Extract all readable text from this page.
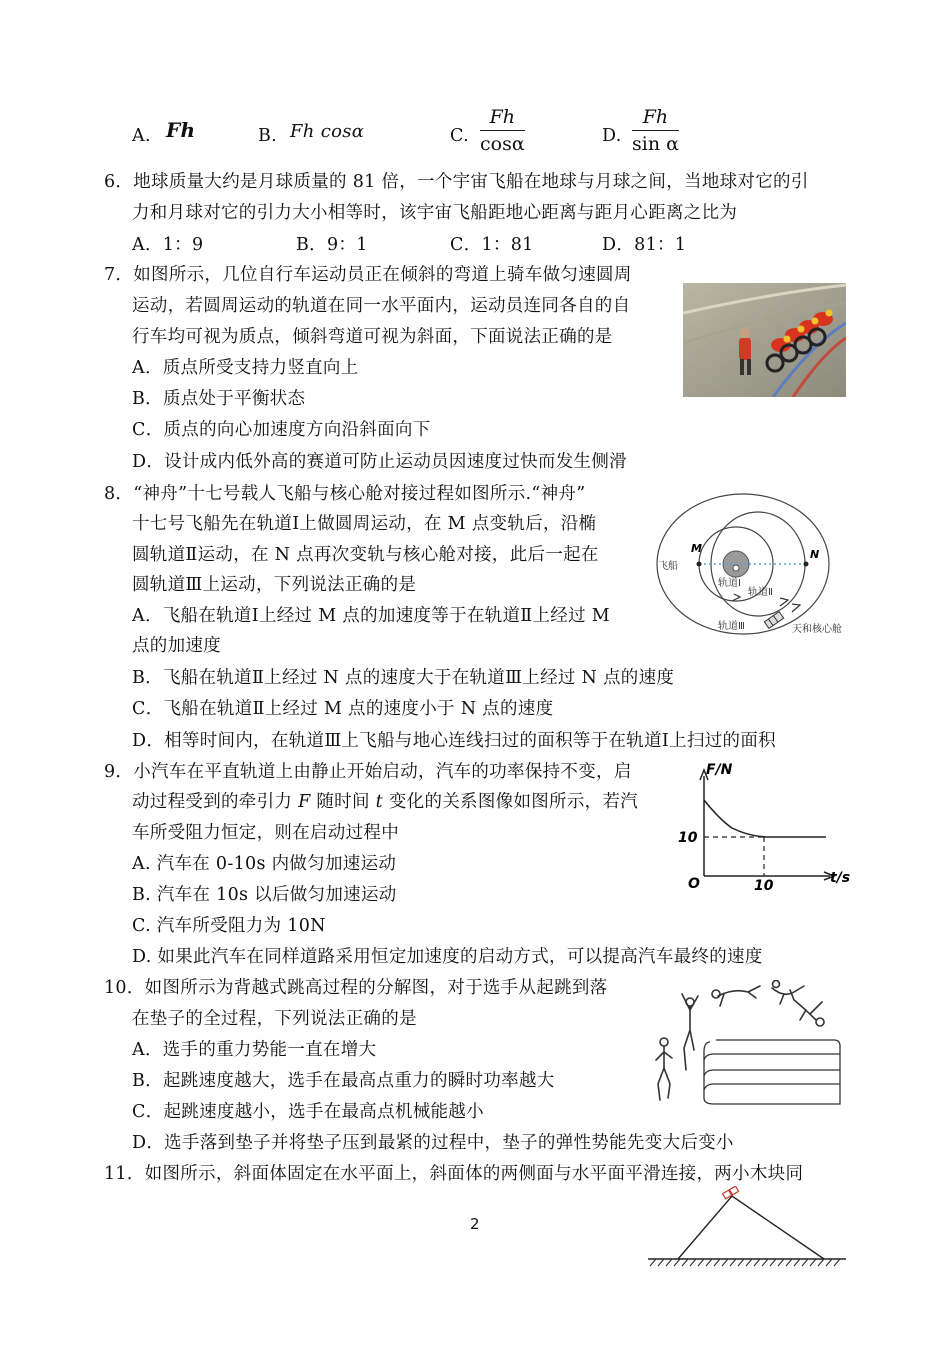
A. Fh	B. Fh cosα	C. $\frac{Fh}{\cos\alpha}$	D. $\frac{Fh}{\text{sin α}}$
6．地球质量大约是月球质量的 81 倍，一个宇宙飞船在地球与月球之间，当地球对它的引
力和月球对它的引力大小相等时，该宇宙飞船距地心距离与距月心距离之比为
A．1：9	B．9：1	C．1：81	D．81：1
7．如图所示，几位自行车运动员正在倾斜的弯道上骑车做匀速圆周
运动，若圆周运动的轨道在同一水平面内，运动员连同各自的自
行车均可视为质点，倾斜弯道可视为斜面，下面说法正确的是
A．质点所受支持力竖直向上
B．质点处于平衡状态
C．质点的向心加速度方向沿斜面向下
D．设计成内低外高的赛道可防止运动员因速度过快而发生侧滑
8．“神舟”十七号载人飞船与核心舱对接过程如图所示.“神舟”
十七号飞船先在轨道Ⅰ上做圆周运动，在 M 点变轨后，沿椭
圆轨道Ⅱ运动，在 N 点再次变轨与核心舱对接，此后一起在
圆轨道Ⅲ上运动，下列说法正确的是
A．飞船在轨道Ⅰ上经过 M 点的加速度等于在轨道Ⅱ上经过 M
点的加速度
B．飞船在轨道Ⅱ上经过 N 点的速度大于在轨道Ⅲ上经过 N 点的速度
C．飞船在轨道Ⅱ上经过 M 点的速度小于 N 点的速度
D．相等时间内，在轨道Ⅲ上飞船与地心连线扫过的面积等于在轨道Ⅰ上扫过的面积
M	N
飞船
轨道Ⅰ
轨道Ⅱ
轨道Ⅲ	天和核心舱
9．小汽车在平直轨道上由静止开始启动，汽车的功率保持不变，启
动过程受到的牵引力 F 随时间 t 变化的关系图像如图所示，若汽
车所受阻力恒定，则在启动过程中
A. 汽车在 0-10s 内做匀加速运动
B. 汽车在 10s 以后做匀加速运动
C. 汽车所受阻力为 10N
D. 如果此汽车在同样道路采用恒定加速度的启动方式，可以提高汽车最终的速度
F/N
t/s
O
10
10
10．如图所示为背越式跳高过程的分解图，对于选手从起跳到落
在垫子的全过程，下列说法正确的是
A．选手的重力势能一直在增大
B．起跳速度越大，选手在最高点重力的瞬时功率越大
C．起跳速度越小，选手在最高点机械能越小
D．选手落到垫子并将垫子压到最紧的过程中，垫子的弹性势能先变大后变小
11．如图所示，斜面体固定在水平面上，斜面体的两侧面与水平面平滑连接，两小木块同
2
